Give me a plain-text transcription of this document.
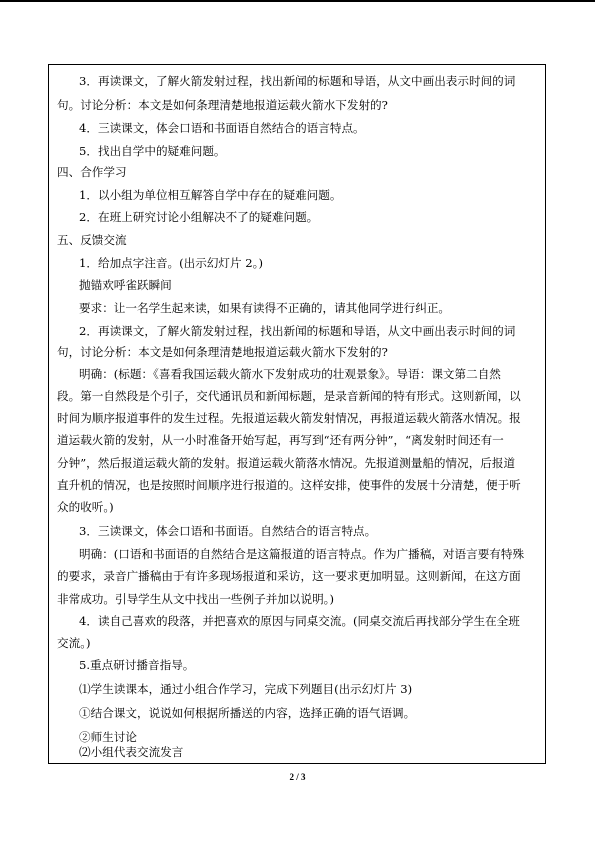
3．再读课文，了解火箭发射过程，找出新闻的标题和导语，从文中画出表示时间的词
句。讨论分析：本文是如何条理清楚地报道运载火箭水下发射的?
4．三读课文，体会口语和书面语自然结合的语言特点。
5．找出自学中的疑难问题。
四、合作学习
1．以小组为单位相互解答自学中存在的疑难问题。
2．在班上研究讨论小组解决不了的疑难问题。
五、反馈交流
1．给加点字注音。(出示幻灯片 2。)
抛锚欢呼雀跃瞬间
要求：让一名学生起来读，如果有读得不正确的，请其他同学进行纠正。
2．再读课文，了解火箭发射过程，找出新闻的标题和导语，从文中画出表示时间的词
句，讨论分析：本文是如何条理清楚地报道运载火箭水下发射的?
明确：(标题：《喜看我国运载火箭水下发射成功的壮观景象》。导语：课文第二自然
段。第一自然段是个引子，交代通讯员和新闻标题，是录音新闻的特有形式。这则新闻，以
时间为顺序报道事件的发生过程。先报道运载火箭发射情况，再报道运载火箭落水情况。报
道运载火箭的发射，从一小时准备开始写起，再写到“还有两分钟”，“离发射时间还有一
分钟”，然后报道运载火箭的发射。报道运载火箭落水情况。先报道测量船的情况，后报道
直升机的情况，也是按照时间顺序进行报道的。这样安排，使事件的发展十分清楚，便于听
众的收听。)
3．三读课文，体会口语和书面语。自然结合的语言特点。
明确：(口语和书面语的自然结合是这篇报道的语言特点。作为广播稿，对语言要有特殊
的要求，录音广播稿由于有许多现场报道和采访，这一要求更加明显。这则新闻，在这方面
非常成功。引导学生从文中找出一些例子并加以说明。)
4．读自己喜欢的段落，并把喜欢的原因与同桌交流。(同桌交流后再找部分学生在全班
交流。)
5.重点研讨播音指导。
⑴学生读课本，通过小组合作学习，完成下列题目(出示幻灯片 3)
①结合课文，说说如何根据所播送的内容，选择正确的语气语调。
②师生讨论
⑵小组代表交流发言
2 / 3
